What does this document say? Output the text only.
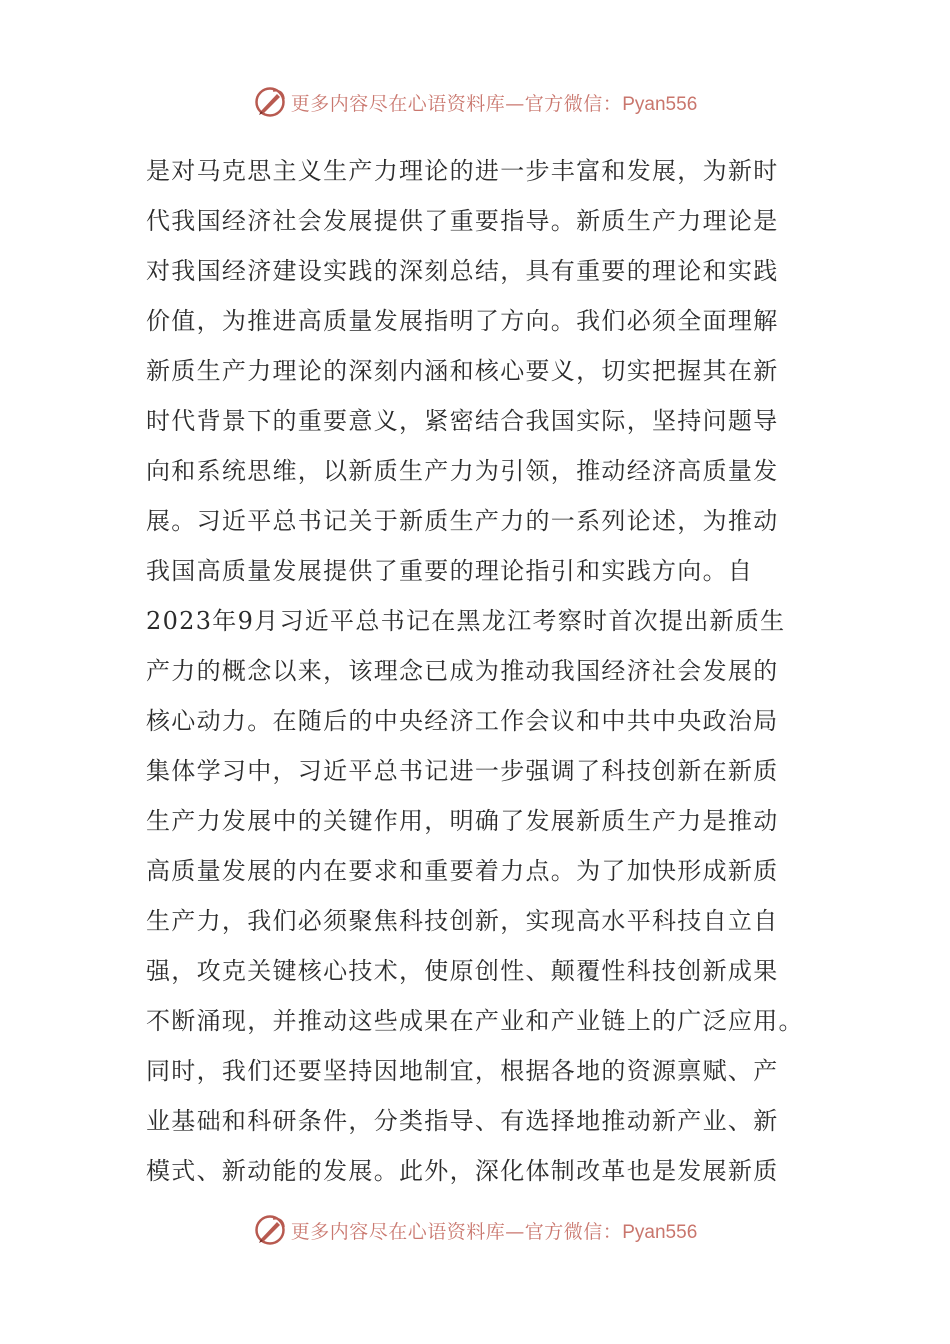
更多内容尽在心语资料库—官方微信：Pyan556
是对马克思主义生产力理论的进一步丰富和发展，为新时
代我国经济社会发展提供了重要指导。新质生产力理论是
对我国经济建设实践的深刻总结，具有重要的理论和实践
价值，为推进高质量发展指明了方向。我们必须全面理解
新质生产力理论的深刻内涵和核心要义，切实把握其在新
时代背景下的重要意义，紧密结合我国实际，坚持问题导
向和系统思维，以新质生产力为引领，推动经济高质量发
展。习近平总书记关于新质生产力的一系列论述，为推动
我国高质量发展提供了重要的理论指引和实践方向。自
2023年9月习近平总书记在黑龙江考察时首次提出新质生
产力的概念以来，该理念已成为推动我国经济社会发展的
核心动力。在随后的中央经济工作会议和中共中央政治局
集体学习中，习近平总书记进一步强调了科技创新在新质
生产力发展中的关键作用，明确了发展新质生产力是推动
高质量发展的内在要求和重要着力点。为了加快形成新质
生产力，我们必须聚焦科技创新，实现高水平科技自立自
强，攻克关键核心技术，使原创性、颠覆性科技创新成果
不断涌现，并推动这些成果在产业和产业链上的广泛应用。
同时，我们还要坚持因地制宜，根据各地的资源禀赋、产
业基础和科研条件，分类指导、有选择地推动新产业、新
模式、新动能的发展。此外，深化体制改革也是发展新质
更多内容尽在心语资料库—官方微信：Pyan556
